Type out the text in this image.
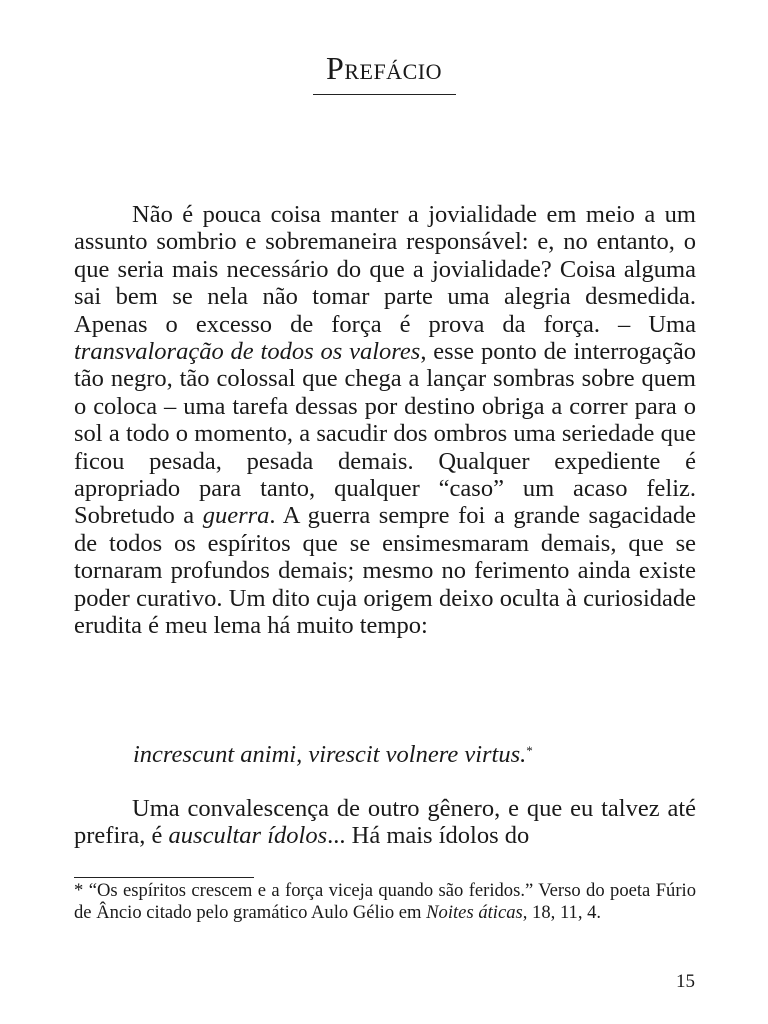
Prefácio

Não é pouca coisa manter a jovialidade em meio a um assunto sombrio e sobremaneira responsável: e, no entanto, o que seria mais necessário do que a jovialidade? Coisa alguma sai bem se nela não tomar parte uma alegria desmedida. Apenas o excesso de força é prova da força. – Uma transvaloração de todos os valores, esse ponto de interrogação tão negro, tão colossal que chega a lançar sombras sobre quem o coloca – uma tarefa dessas por destino obriga a correr para o sol a todo o momento, a sacudir dos ombros uma seriedade que ficou pesada, pesada demais. Qualquer expediente é apropriado para tanto, qualquer “caso” um acaso feliz. Sobretudo a guerra. A guerra sempre foi a grande sagacidade de todos os espíritos que se ensimesmaram demais, que se tornaram profundos demais; mesmo no ferimento ainda existe poder curativo. Um dito cuja origem deixo oculta à curiosidade erudita é meu lema há muito tempo:

increscunt animi, virescit volnere virtus.*

Uma convalescença de outro gênero, e que eu talvez até prefira, é auscultar ídolos... Há mais ídolos do

* “Os espíritos crescem e a força viceja quando são feridos.” Verso do poeta Fúrio de Âncio citado pelo gramático Aulo Gélio em Noites áticas, 18, 11, 4.
15
